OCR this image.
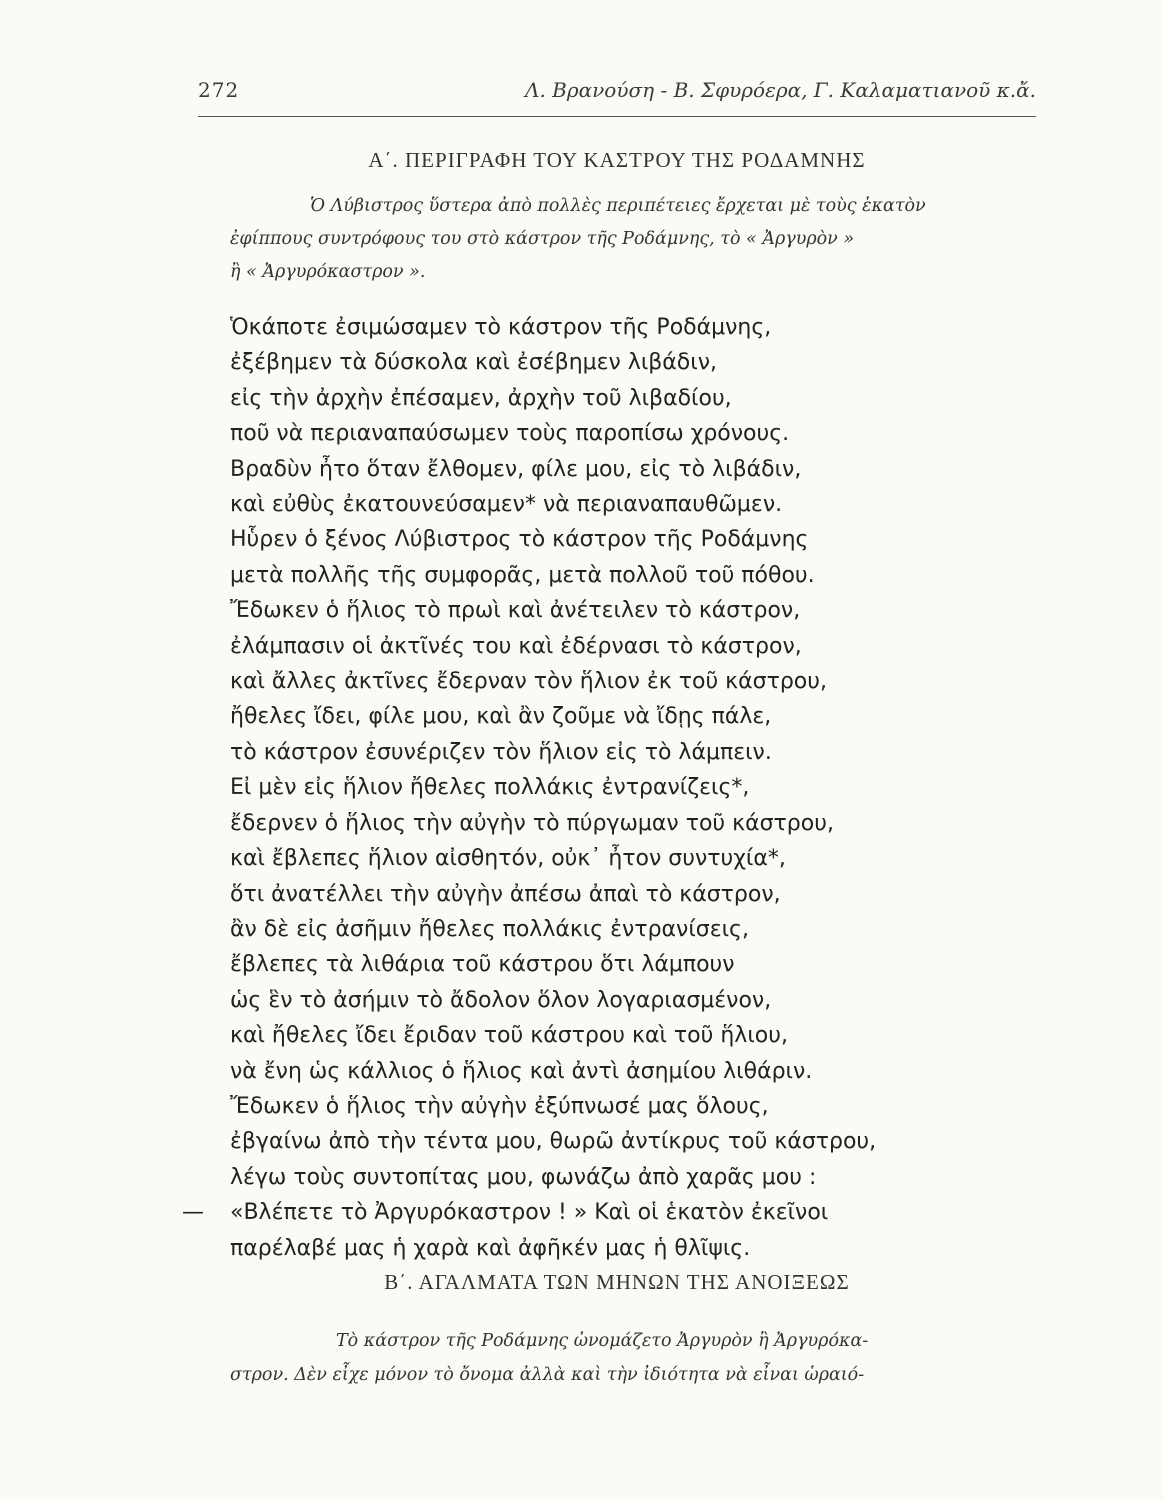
272	Λ. Βρανούση - Β. Σφυρόερα, Γ. Καλαματιανοῦ κ.ἄ.
Α΄. ΠΕΡΙΓΡΑΦΗ ΤΟΥ ΚΑΣΤΡΟΥ ΤΗΣ ΡΟΔΑΜΝΗΣ

Ὁ Λύβιστρος ὕστερα ἀπὸ πολλὲς περιπέτειες ἔρχεται μὲ τοὺς ἑκατὸν
ἐφίππους συντρόφους του στὸ κάστρον τῆς Ροδάμνης, τὸ « Ἀργυρὸν »
ἢ « Ἀργυρόκαστρον ».

Ὁκάποτε ἐσιμώσαμεν τὸ κάστρον τῆς Ροδάμνης,
ἐξέβημεν τὰ δύσκολα καὶ ἐσέβημεν λιβάδιν,
εἰς τὴν ἀρχὴν ἐπέσαμεν, ἀρχὴν τοῦ λιβαδίου,
ποῦ νὰ περιαναπαύσωμεν τοὺς παροπίσω χρόνους.
Βραδὺν ἦτο ὅταν ἔλθομεν, φίλε μου, εἰς τὸ λιβάδιν,
καὶ εὐθὺς ἐκατουνεύσαμεν* νὰ περιαναπαυθῶμεν.
Ηὗρεν ὁ ξένος Λύβιστρος τὸ κάστρον τῆς Ροδάμνης
μετὰ πολλῆς τῆς συμφορᾶς, μετὰ πολλοῦ τοῦ πόθου.
Ἔδωκεν ὁ ἥλιος τὸ πρωὶ καὶ ἀνέτειλεν τὸ κάστρον,
ἐλάμπασιν οἱ ἀκτῖνές του καὶ ἐδέρνασι τὸ κάστρον,
καὶ ἄλλες ἀκτῖνες ἔδερναν τὸν ἥλιον ἐκ τοῦ κάστρου,
ἤθελες ἴδει, φίλε μου, καὶ ἂν ζοῦμε νὰ ἴδῃς πάλε,
τὸ κάστρον ἐσυνέριζεν τὸν ἥλιον εἰς τὸ λάμπειν.
Εἰ μὲν εἰς ἥλιον ἤθελες πολλάκις ἐντρανίζεις*,
ἔδερνεν ὁ ἥλιος τὴν αὐγὴν τὸ πύργωμαν τοῦ κάστρου,
καὶ ἔβλεπες ἥλιον αἰσθητόν, οὐκ᾽ ἦτον συντυχία*,
ὅτι ἀνατέλλει τὴν αὐγὴν ἀπέσω ἀπαὶ τὸ κάστρον,
ἂν δὲ εἰς ἀσῆμιν ἤθελες πολλάκις ἐντρανίσεις,
ἔβλεπες τὰ λιθάρια τοῦ κάστρου ὅτι λάμπουν
ὡς ἓν τὸ ἀσήμιν τὸ ἄδολον ὅλον λογαριασμένον,
καὶ ἤθελες ἴδει ἔριδαν τοῦ κάστρου καὶ τοῦ ἥλιου,
νὰ ἔνη ὡς κάλλιος ὁ ἥλιος καὶ ἀντὶ ἀσημίου λιθάριν.
Ἔδωκεν ὁ ἥλιος τὴν αὐγὴν ἐξύπνωσέ μας ὅλους,
ἐβγαίνω ἀπὸ τὴν τέντα μου, θωρῶ ἀντίκρυς τοῦ κάστρου,
λέγω τοὺς συντοπίτας μου, φωνάζω ἀπὸ χαρᾶς μου :
— «Βλέπετε τὸ Ἀργυρόκαστρον ! » Καὶ οἱ ἑκατὸν ἐκεῖνοι
παρέλαβέ μας ἡ χαρὰ καὶ ἀφῆκέν μας ἡ θλῖψις.
Β΄. ΑΓΑΛΜΑΤΑ ΤΩΝ ΜΗΝΩΝ ΤΗΣ ΑΝΟΙΞΕΩΣ

Τὸ κάστρον τῆς Ροδάμνης ὠνομάζετο Ἀργυρὸν ἢ Ἀργυρόκα-
στρον. Δὲν εἶχε μόνον τὸ ὄνομα ἀλλὰ καὶ τὴν ἰδιότητα νὰ εἶναι ὡραιό-
